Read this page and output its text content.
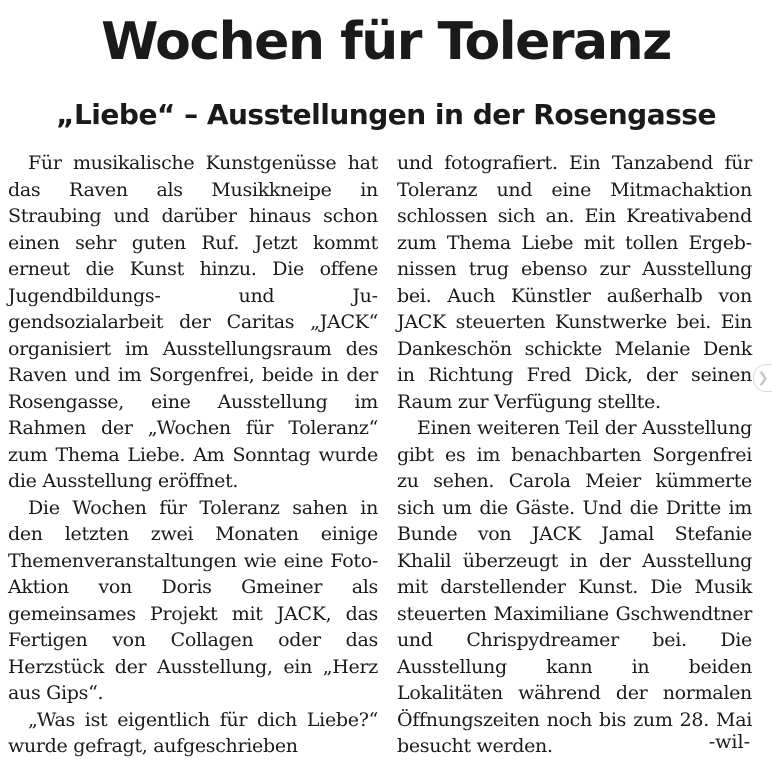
Wochen für Toleranz
„Liebe“ – Ausstellungen in der Rosengasse

Für musikalische Kunstgenüsse hat das Raven als Musikkneipe in Straubing und darüber hinaus schon einen sehr guten Ruf. Jetzt kommt erneut die Kunst hinzu. Die offene Jugendbildungs- und Jugendsozialarbeit der Caritas „JACK“ organisiert im Ausstellungsraum des Raven und im Sorgenfrei, beide in der Rosengasse, eine Ausstellung im Rahmen der „Wochen für Toleranz“ zum Thema Liebe. Am Sonntag wurde die Ausstellung eröffnet.

Die Wochen für Toleranz sahen in den letzten zwei Monaten einige Themenveranstaltungen wie eine Foto-Aktion von Doris Gmeiner als gemeinsames Projekt mit JACK, das Fertigen von Collagen oder das Herzstück der Ausstellung, ein „Herz aus Gips“.

„Was ist eigentlich für dich Liebe?“ wurde gefragt, aufgeschrieben

und fotografiert. Ein Tanzabend für Toleranz und eine Mitmachaktion schlossen sich an. Ein Kreativabend zum Thema Liebe mit tollen Ergebnissen trug ebenso zur Ausstellung bei. Auch Künstler außerhalb von JACK steuerten Kunstwerke bei. Ein Dankeschön schickte Melanie Denk in Richtung Fred Dick, der seinen Raum zur Verfügung stellte.

Einen weiteren Teil der Ausstellung gibt es im benachbarten Sorgenfrei zu sehen. Carola Meier kümmerte sich um die Gäste. Und die Dritte im Bunde von JACK Jamal Stefanie Khalil überzeugt in der Ausstellung mit darstellender Kunst. Die Musik steuerten Maximiliane Gschwendtner und Chrispydreamer bei. Die Ausstellung kann in beiden Lokalitäten während der normalen Öffnungszeiten noch bis zum 28. Mai besucht werden.	-wil-
❯
